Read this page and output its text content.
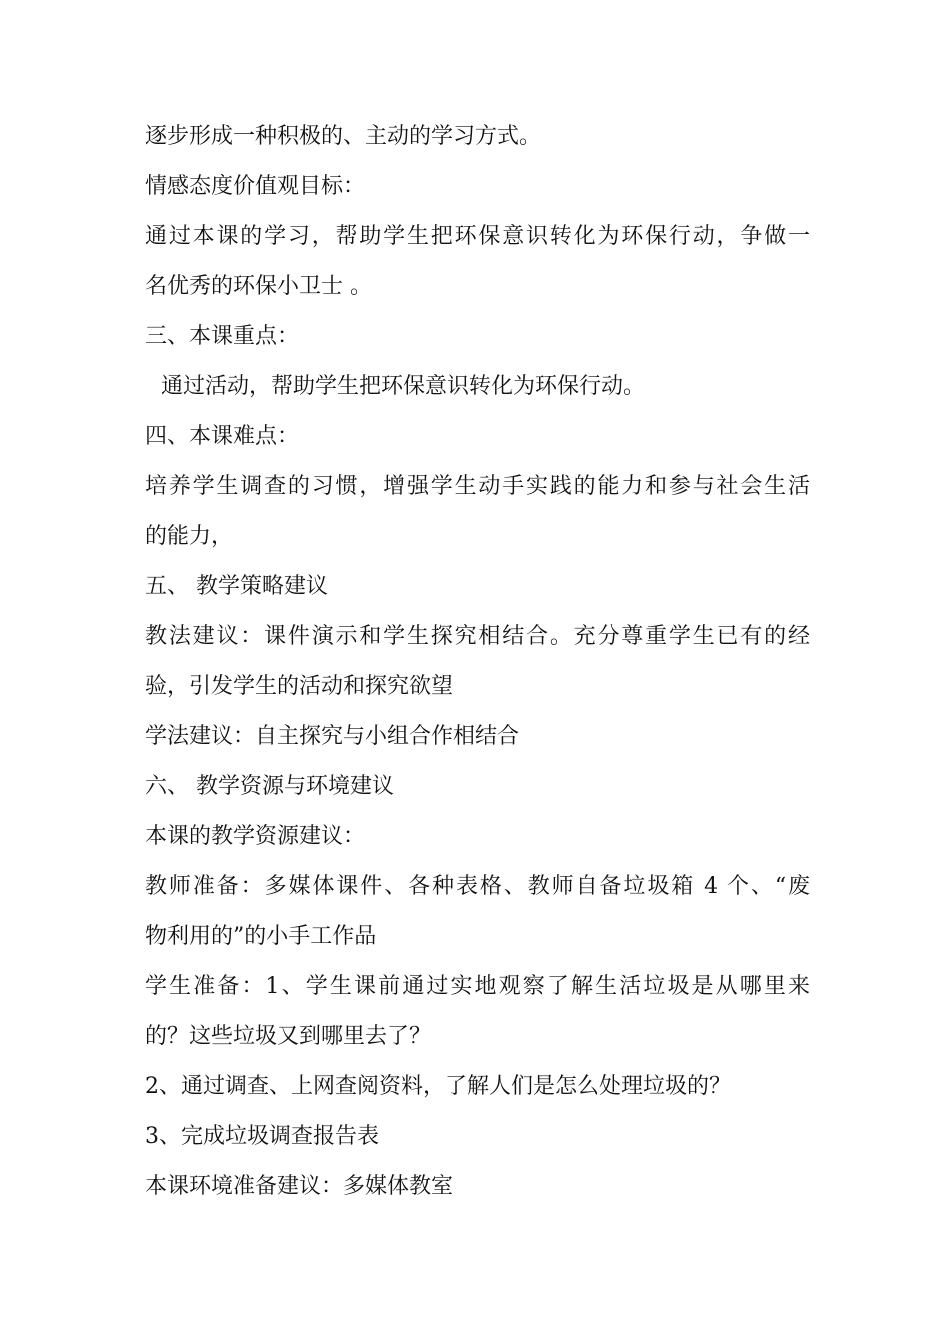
逐步形成一种积极的、主动的学习方式。
情感态度价值观目标：
通过本课的学习，帮助学生把环保意识转化为环保行动，争做一
名优秀的环保小卫士 。
三、本课重点：
通过活动，帮助学生把环保意识转化为环保行动。
四、本课难点：
培养学生调查的习惯，增强学生动手实践的能力和参与社会生活
的能力，
五、 教学策略建议
教法建议：课件演示和学生探究相结合。充分尊重学生已有的经
验，引发学生的活动和探究欲望
学法建议：自主探究与小组合作相结合
六、 教学资源与环境建议
本课的教学资源建议：
教师准备：多媒体课件、各种表格、教师自备垃圾箱 4 个、“废
物利用的”的小手工作品
学生准备：1、学生课前通过实地观察了解生活垃圾是从哪里来
的？这些垃圾又到哪里去了？
2、通过调查、上网查阅资料，了解人们是怎么处理垃圾的？
3、完成垃圾调查报告表
本课环境准备建议：多媒体教室
